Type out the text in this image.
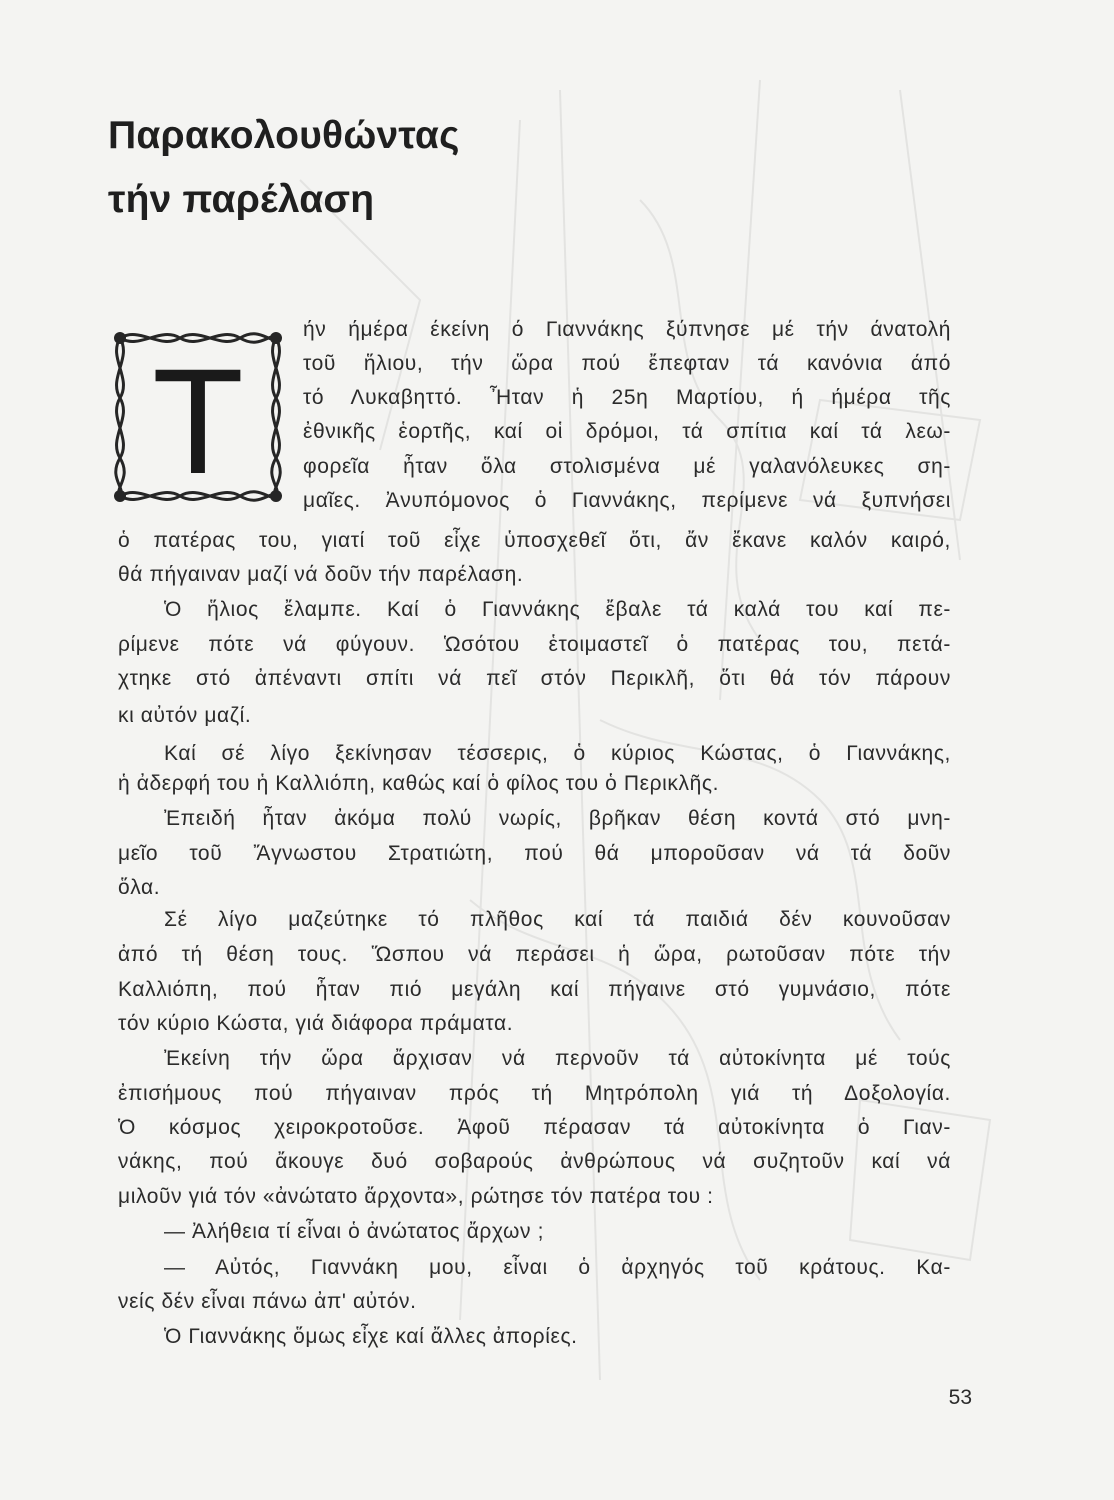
Παρακολουθώντας
τήν παρέλαση
Τ
ήν ήμέρα έκείνη ό Γιαννάκης ξύπνησε μέ τήν άνατολή
τοῦ ἥλιου, τήν ὥρα πού ἔπεφταν τά κανόνια άπό
τό Λυκαβηττό. Ἦταν ἡ 25η Μαρτίου, ή ήμέρα τῆς
ἐθνικῆς ἑορτῆς, καί οἱ δρόμοι, τά σπίτια καί τά λεω-
φορεῖα ἦταν ὅλα στολισμένα μέ γαλανόλευκες ση-
μαῖες. Ἀνυπόμονος ὁ Γιαννάκης, περίμενε νά ξυπνήσει
ὁ πατέρας του, γιατί τοῦ εἶχε ὑποσχεθεῖ ὅτι, ἄν ἔκανε καλόν καιρό,
θά πήγαιναν μαζί νά δοῦν τήν παρέλαση.
Ὁ ἥλιος ἔλαμπε. Καί ὁ Γιαννάκης ἔβαλε τά καλά του καί πε-
ρίμενε πότε νά φύγουν. Ὡσότου ἑτοιμαστεῖ ὁ πατέρας του, πετά-
χτηκε στό ἀπέναντι σπίτι νά πεῖ στόν Περικλῆ, ὅτι θά τόν πάρουν
κι αὐτόν μαζί.
Καί σέ λίγο ξεκίνησαν τέσσερις, ὁ κύριος Κώστας, ὁ Γιαννάκης,
ἡ ἀδερφή του ἡ Καλλιόπη, καθώς καί ὁ φίλος του ὁ Περικλῆς.
Ἐπειδή ἦταν ἀκόμα πολύ νωρίς, βρῆκαν θέση κοντά στό μνη-
μεῖο τοῦ Ἄγνωστου Στρατιώτη, πού θά μποροῦσαν νά τά δοῦν
ὅλα.
Σέ λίγο μαζεύτηκε τό πλῆθος καί τά παιδιά δέν κουνοῦσαν
ἀπό τή θέση τους. Ὥσπου νά περάσει ἡ ὥρα, ρωτοῦσαν πότε τήν
Καλλιόπη, πού ἦταν πιό μεγάλη καί πήγαινε στό γυμνάσιο, πότε
τόν κύριο Κώστα, γιά διάφορα πράματα.
Ἐκείνη τήν ὥρα ἄρχισαν νά περνοῦν τά αὐτοκίνητα μέ τούς
ἐπισήμους πού πήγαιναν πρός τή Μητρόπολη γιά τή Δοξολογία.
Ὁ κόσμος χειροκροτοῦσε. Ἀφοῦ πέρασαν τά αὐτοκίνητα ὁ Γιαν-
νάκης, πού ἄκουγε δυό σοβαρούς ἀνθρώπους νά συζητοῦν καί νά
μιλοῦν γιά τόν «ἀνώτατο ἄρχοντα», ρώτησε τόν πατέρα του :
— Ἀλήθεια τί εἶναι ὁ ἀνώτατος ἄρχων ;
— Αὐτός, Γιαννάκη μου, εἶναι ὁ ἀρχηγός τοῦ κράτους. Κα-
νείς δέν εἶναι πάνω ἀπ' αὐτόν.
Ὁ Γιαννάκης ὅμως εἶχε καί ἄλλες ἀπορίες.
53
